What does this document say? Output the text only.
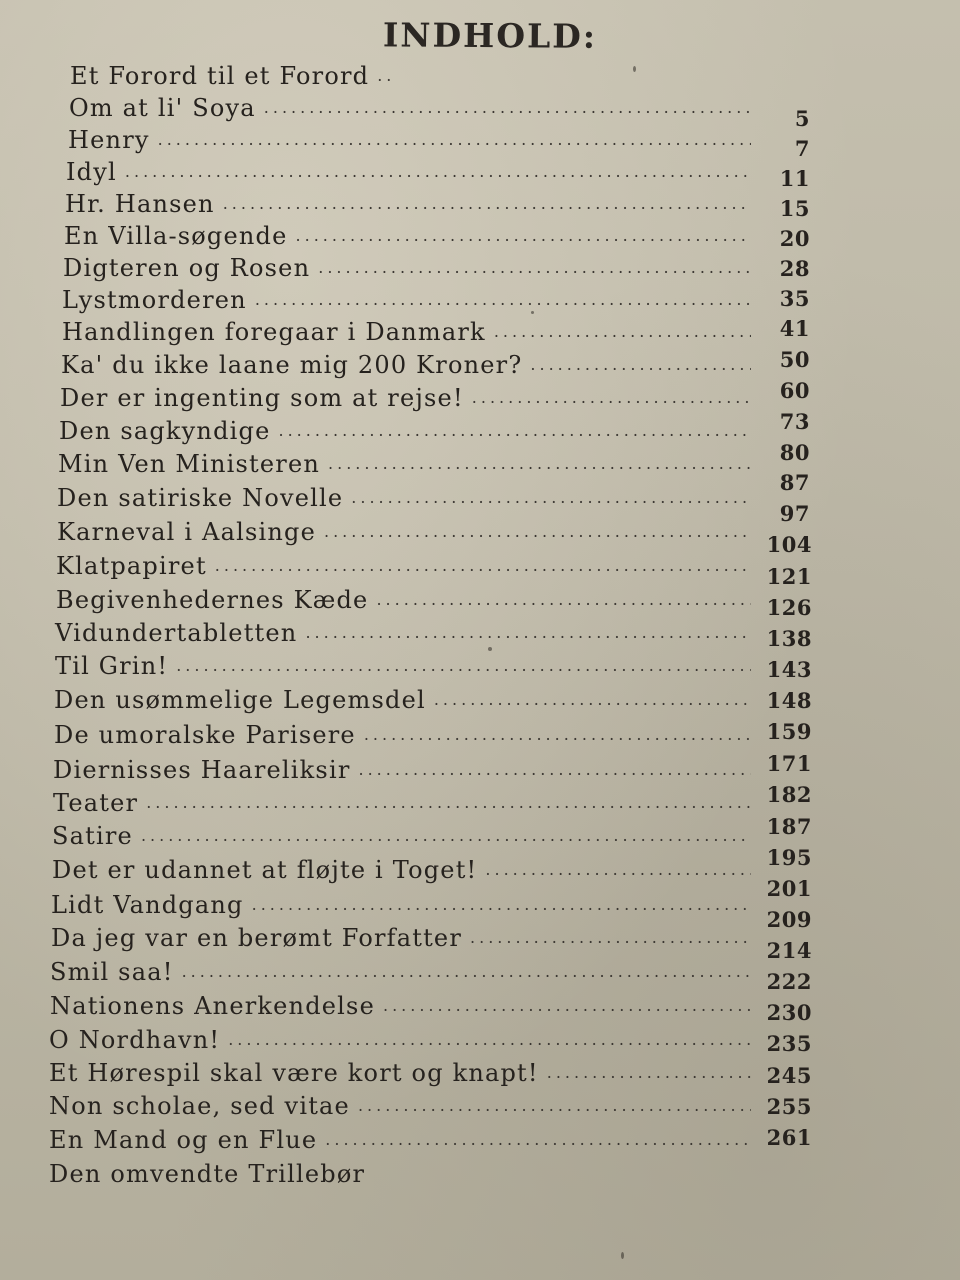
INDHOLD:
Et Forord til et Forord
.....
Om at li' Soya
.....
Henry
.....
Idyl
.....
Hr. Hansen
.....
En Villa-søgende
.....
Digteren og Rosen
.....
Lystmorderen
.....
Handlingen foregaar i Danmark
.....
Ka' du ikke laane mig 200 Kroner?
.....
Der er ingenting som at rejse!
.....
Den sagkyndige
.....
Min Ven Ministeren
.....
Den satiriske Novelle
.....
Karneval i Aalsinge
.....
Klatpapiret
.....
Begivenhedernes Kæde
.....
Vidundertabletten
.....
Til Grin!
.....
Den usømmelige Legemsdel
.....
De umoralske Parisere
.....
Diernisses Haareliksir
.....
Teater
.....
Satire
.....
Det er udannet at fløjte i Toget!
.....
Lidt Vandgang
.....
Da jeg var en berømt Forfatter
.....
Smil saa!
.....
Nationens Anerkendelse
.....
O Nordhavn!
.....
Et Hørespil skal være kort og knapt!
.....
Non scholae, sed vitae
.....
En Mand og en Flue
.....
Den omvendte Trillebør
5
7
11
15
20
28
35
41
50
60
73
80
87
97
104
121
126
138
143
148
159
171
182
187
195
201
209
214
222
230
235
245
255
261
